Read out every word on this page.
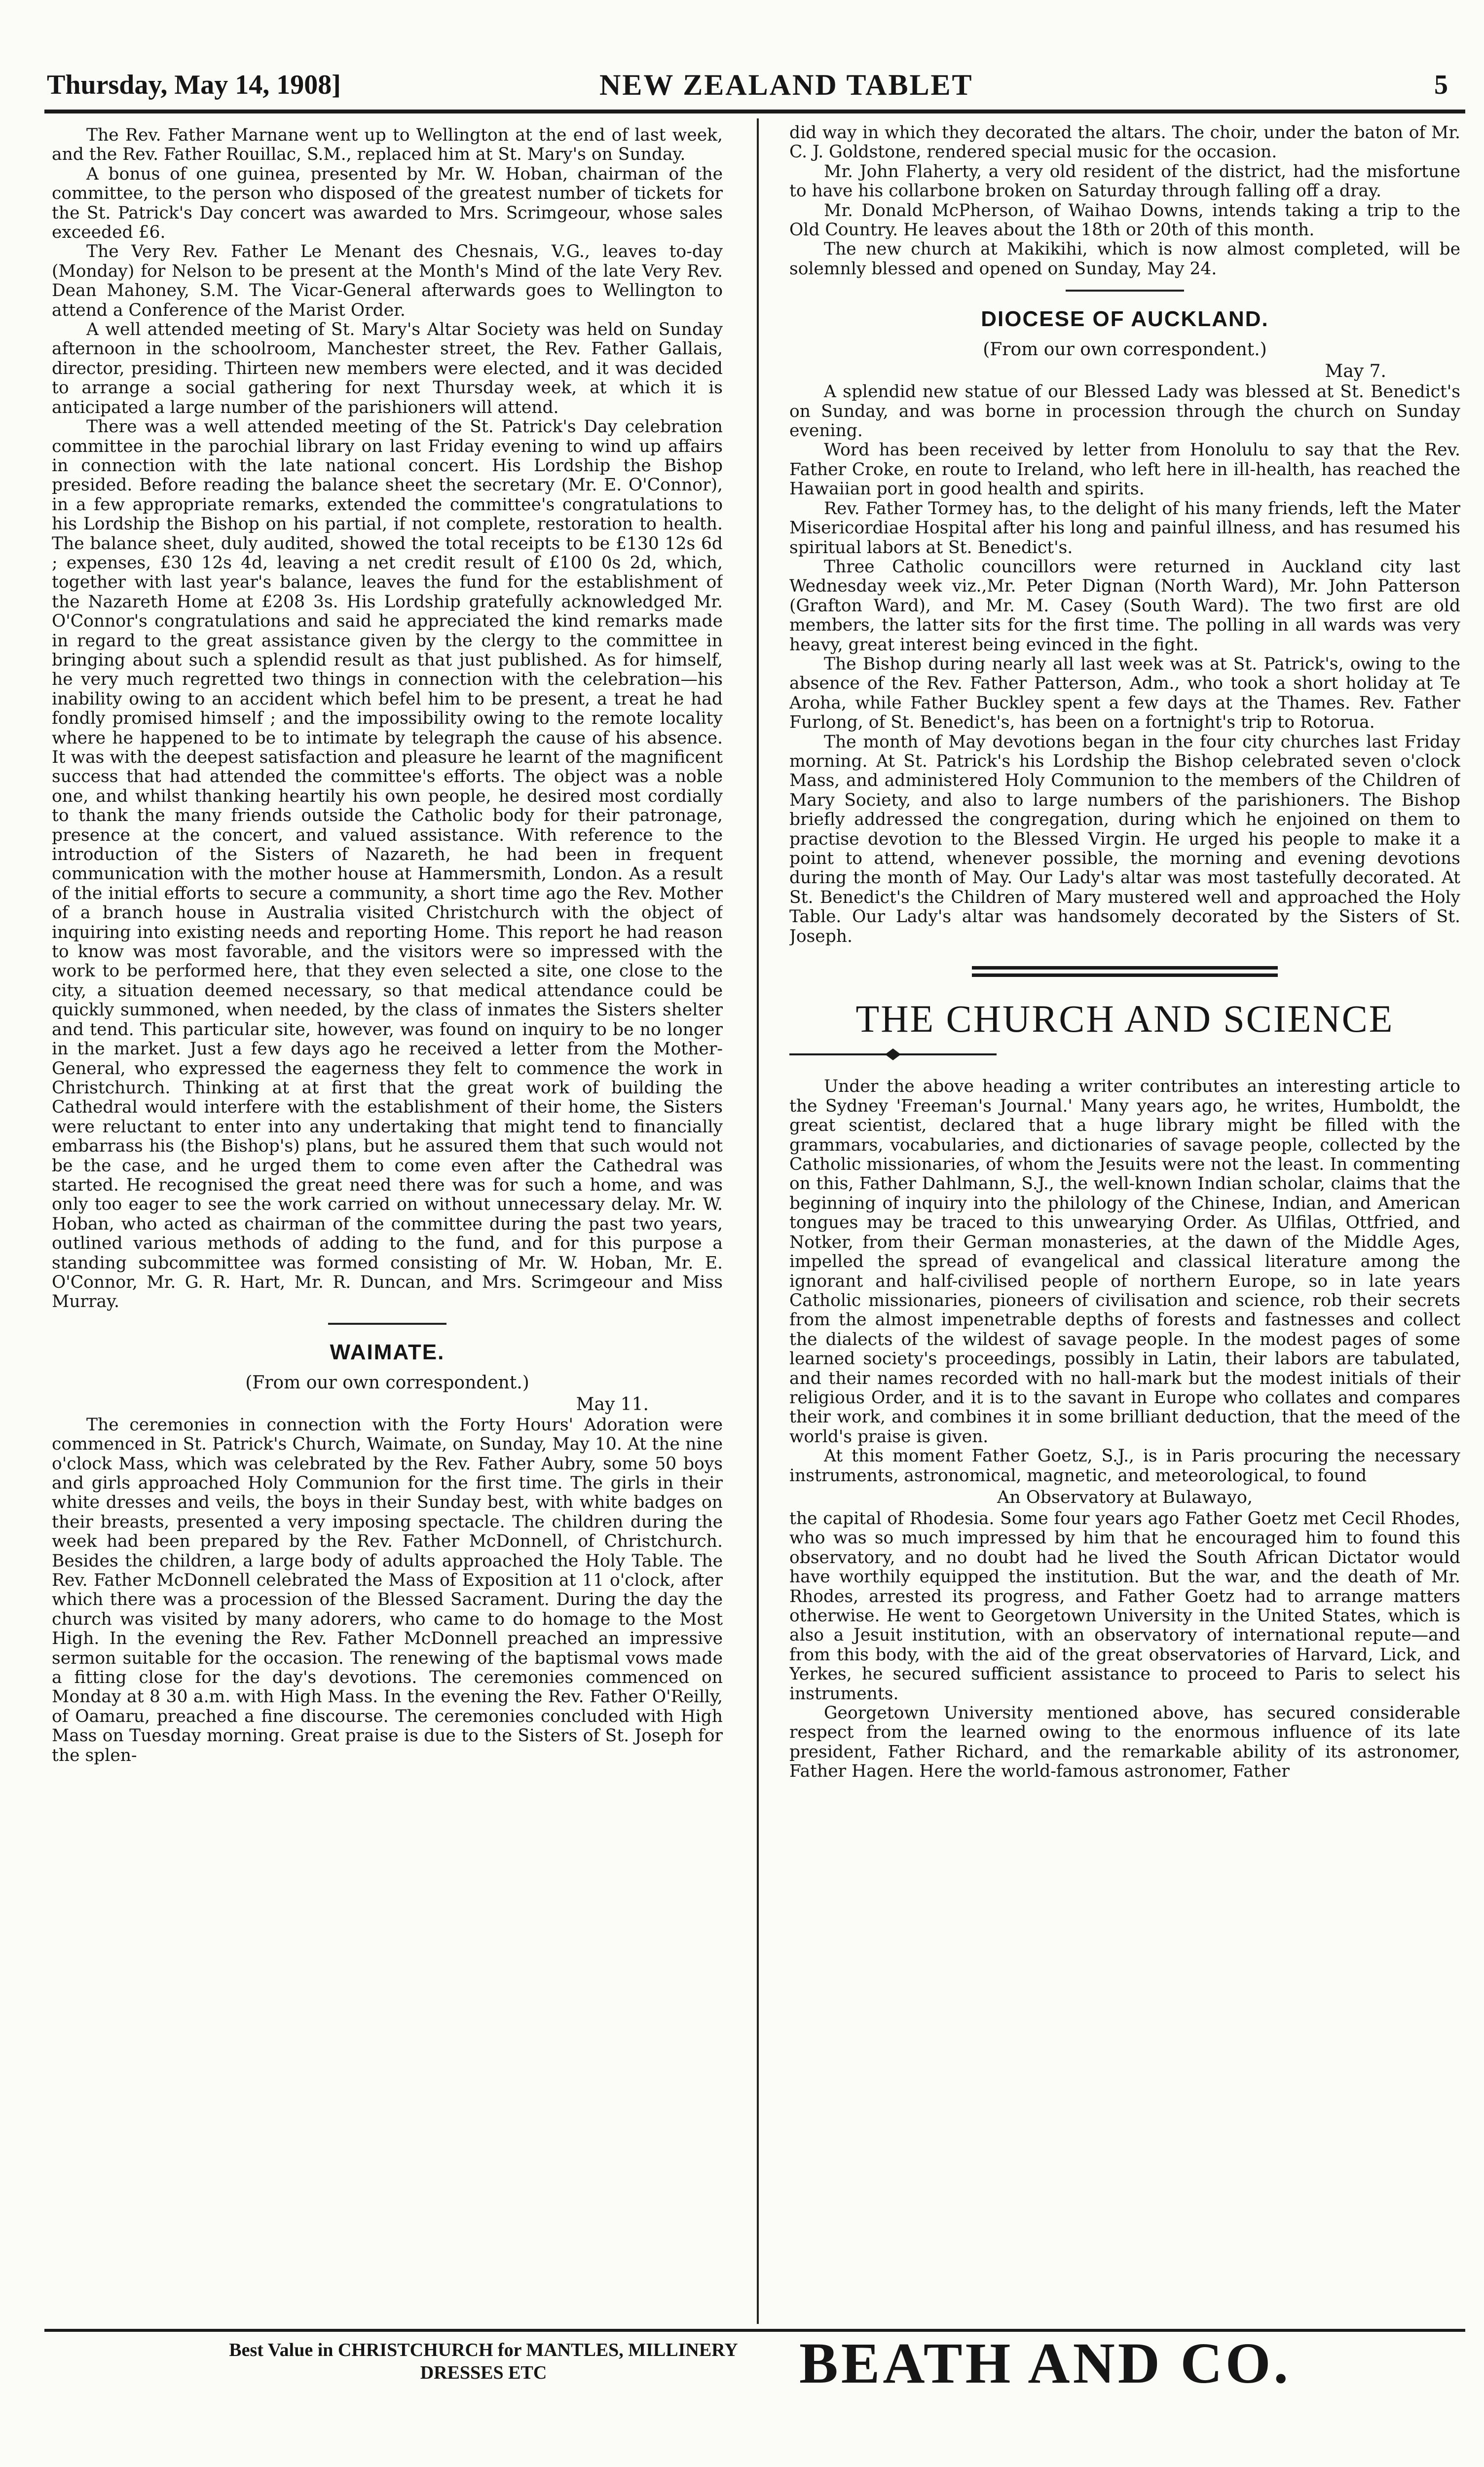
Thursday, May 14, 1908]	NEW ZEALAND TABLET	5

The Rev. Father Marnane went up to Wellington at the end of last week, and the Rev. Father Rouillac, S.M., replaced him at St. Mary's on Sunday.

A bonus of one guinea, presented by Mr. W. Hoban, chairman of the committee, to the person who disposed of the greatest number of tickets for the St. Patrick's Day concert was awarded to Mrs. Scrimgeour, whose sales exceeded £6.

The Very Rev. Father Le Menant des Chesnais, V.G., leaves to-day (Monday) for Nelson to be present at the Month's Mind of the late Very Rev. Dean Mahoney, S.M. The Vicar-General afterwards goes to Wellington to attend a Conference of the Marist Order.

A well attended meeting of St. Mary's Altar Society was held on Sunday afternoon in the schoolroom, Manchester street, the Rev. Father Gallais, director, presiding. Thirteen new members were elected, and it was decided to arrange a social gathering for next Thursday week, at which it is anticipated a large number of the parishioners will attend.

There was a well attended meeting of the St. Patrick's Day celebration committee in the parochial library on last Friday evening to wind up affairs in connection with the late national concert. His Lordship the Bishop presided. Before reading the balance sheet the secretary (Mr. E. O'Connor), in a few appropriate remarks, extended the committee's congratulations to his Lordship the Bishop on his partial, if not complete, restoration to health. The balance sheet, duly audited, showed the total receipts to be £130 12s 6d ; expenses, £30 12s 4d, leaving a net credit result of £100 0s 2d, which, together with last year's balance, leaves the fund for the establishment of the Nazareth Home at £208 3s. His Lordship gratefully acknowledged Mr. O'Connor's congratulations and said he appreciated the kind remarks made in regard to the great assistance given by the clergy to the committee in bringing about such a splendid result as that just published. As for himself, he very much regretted two things in connection with the celebration—his inability owing to an accident which befel him to be present, a treat he had fondly promised himself ; and the impossibility owing to the remote locality where he happened to be to intimate by telegraph the cause of his absence. It was with the deepest satisfaction and pleasure he learnt of the magnificent success that had attended the committee's efforts. The object was a noble one, and whilst thanking heartily his own people, he desired most cordially to thank the many friends outside the Catholic body for their patronage, presence at the concert, and valued assistance. With reference to the introduction of the Sisters of Nazareth, he had been in frequent communication with the mother house at Hammersmith, London. As a result of the initial efforts to secure a community, a short time ago the Rev. Mother of a branch house in Australia visited Christchurch with the object of inquiring into existing needs and reporting Home. This report he had reason to know was most favorable, and the visitors were so impressed with the work to be performed here, that they even selected a site, one close to the city, a situation deemed necessary, so that medical attendance could be quickly summoned, when needed, by the class of inmates the Sisters shelter and tend. This particular site, however, was found on inquiry to be no longer in the market. Just a few days ago he received a letter from the Mother-General, who expressed the eagerness they felt to commence the work in Christchurch. Thinking at at first that the great work of building the Cathedral would interfere with the establishment of their home, the Sisters were reluctant to enter into any undertaking that might tend to financially embarrass his (the Bishop's) plans, but he assured them that such would not be the case, and he urged them to come even after the Cathedral was started. He recognised the great need there was for such a home, and was only too eager to see the work carried on without unnecessary delay. Mr. W. Hoban, who acted as chairman of the committee during the past two years, outlined various methods of adding to the fund, and for this purpose a standing subcommittee was formed consisting of Mr. W. Hoban, Mr. E. O'Connor, Mr. G. R. Hart, Mr. R. Duncan, and Mrs. Scrimgeour and Miss Murray.

WAIMATE.
(From our own correspondent.)
May 11.

The ceremonies in connection with the Forty Hours' Adoration were commenced in St. Patrick's Church, Waimate, on Sunday, May 10. At the nine o'clock Mass, which was celebrated by the Rev. Father Aubry, some 50 boys and girls approached Holy Communion for the first time. The girls in their white dresses and veils, the boys in their Sunday best, with white badges on their breasts, presented a very imposing spectacle. The children during the week had been prepared by the Rev. Father McDonnell, of Christchurch. Besides the children, a large body of adults approached the Holy Table. The Rev. Father McDonnell celebrated the Mass of Exposition at 11 o'clock, after which there was a procession of the Blessed Sacrament. During the day the church was visited by many adorers, who came to do homage to the Most High. In the evening the Rev. Father McDonnell preached an impressive sermon suitable for the occasion. The renewing of the baptismal vows made a fitting close for the day's devotions. The ceremonies commenced on Monday at 8 30 a.m. with High Mass. In the evening the Rev. Father O'Reilly, of Oamaru, preached a fine discourse. The ceremonies concluded with High Mass on Tuesday morning. Great praise is due to the Sisters of St. Joseph for the splen-

did way in which they decorated the altars. The choir, under the baton of Mr. C. J. Goldstone, rendered special music for the occasion.

Mr. John Flaherty, a very old resident of the district, had the misfortune to have his collarbone broken on Saturday through falling off a dray.

Mr. Donald McPherson, of Waihao Downs, intends taking a trip to the Old Country. He leaves about the 18th or 20th of this month.

The new church at Makikihi, which is now almost completed, will be solemnly blessed and opened on Sunday, May 24.

DIOCESE OF AUCKLAND.
(From our own correspondent.)
May 7.

A splendid new statue of our Blessed Lady was blessed at St. Benedict's on Sunday, and was borne in procession through the church on Sunday evening.

Word has been received by letter from Honolulu to say that the Rev. Father Croke, en route to Ireland, who left here in ill-health, has reached the Hawaiian port in good health and spirits.

Rev. Father Tormey has, to the delight of his many friends, left the Mater Misericordiae Hospital after his long and painful illness, and has resumed his spiritual labors at St. Benedict's.

Three Catholic councillors were returned in Auckland city last Wednesday week viz.,Mr. Peter Dignan (North Ward), Mr. John Patterson (Grafton Ward), and Mr. M. Casey (South Ward). The two first are old members, the latter sits for the first time. The polling in all wards was very heavy, great interest being evinced in the fight.

The Bishop during nearly all last week was at St. Patrick's, owing to the absence of the Rev. Father Patterson, Adm., who took a short holiday at Te Aroha, while Father Buckley spent a few days at the Thames. Rev. Father Furlong, of St. Benedict's, has been on a fortnight's trip to Rotorua.

The month of May devotions began in the four city churches last Friday morning. At St. Patrick's his Lordship the Bishop celebrated seven o'clock Mass, and administered Holy Communion to the members of the Children of Mary Society, and also to large numbers of the parishioners. The Bishop briefly addressed the congregation, during which he enjoined on them to practise devotion to the Blessed Virgin. He urged his people to make it a point to attend, whenever possible, the morning and evening devotions during the month of May. Our Lady's altar was most tastefully decorated. At St. Benedict's the Children of Mary mustered well and approached the Holy Table. Our Lady's altar was handsomely decorated by the Sisters of St. Joseph.

THE CHURCH AND SCIENCE

Under the above heading a writer contributes an interesting article to the Sydney 'Freeman's Journal.' Many years ago, he writes, Humboldt, the great scientist, declared that a huge library might be filled with the grammars, vocabularies, and dictionaries of savage people, collected by the Catholic missionaries, of whom the Jesuits were not the least. In commenting on this, Father Dahlmann, S.J., the well-known Indian scholar, claims that the beginning of inquiry into the philology of the Chinese, Indian, and American tongues may be traced to this unwearying Order. As Ulfilas, Ottfried, and Notker, from their German monasteries, at the dawn of the Middle Ages, impelled the spread of evangelical and classical literature among the ignorant and half-civilised people of northern Europe, so in late years Catholic missionaries, pioneers of civilisation and science, rob their secrets from the almost impenetrable depths of forests and fastnesses and collect the dialects of the wildest of savage people. In the modest pages of some learned society's proceedings, possibly in Latin, their labors are tabulated, and their names recorded with no hall-mark but the modest initials of their religious Order, and it is to the savant in Europe who collates and compares their work, and combines it in some brilliant deduction, that the meed of the world's praise is given.

At this moment Father Goetz, S.J., is in Paris procuring the necessary instruments, astronomical, magnetic, and meteorological, to found

An Observatory at Bulawayo,

the capital of Rhodesia. Some four years ago Father Goetz met Cecil Rhodes, who was so much impressed by him that he encouraged him to found this observatory, and no doubt had he lived the South African Dictator would have worthily equipped the institution. But the war, and the death of Mr. Rhodes, arrested its progress, and Father Goetz had to arrange matters otherwise. He went to Georgetown University in the United States, which is also a Jesuit institution, with an observatory of international repute—and from this body, with the aid of the great observatories of Harvard, Lick, and Yerkes, he secured sufficient assistance to proceed to Paris to select his instruments.

Georgetown University mentioned above, has secured considerable respect from the learned owing to the enormous influence of its late president, Father Richard, and the remarkable ability of its astronomer, Father Hagen. Here the world-famous astronomer, Father

Best Value in CHRISTCHURCH for MANTLES, MILLINERY
DRESSES ETC	BEATH AND CO.
